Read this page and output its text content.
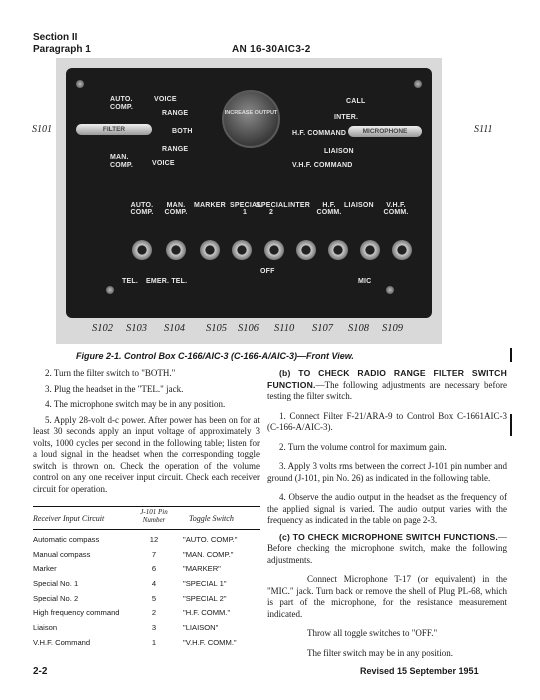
Section II
Paragraph 1	AN 16-30AIC3-2
AUTO.
COMP.
VOICE
RANGE
BOTH
RANGE
MAN.
COMP.	VOICE
FILTER
INCREASE OUTPUT
CALL
INTER.
H.F. COMMAND
LIAISON
V.H.F. COMMAND
MICROPHONE
AUTO. COMP.
MAN. COMP.
MARKER SPECIAL 1
SPECIAL 2
INTER	H.F. COMM.
LIAISON	V.H.F. COMM.
OFF
TEL. EMER. TEL.	MIC
S102 S103 S104 S105 S106 S110 S107 S108 S109
S101	S111
Figure 2-1. Control Box C-166/AIC-3 (C-166-A/AIC-3)—Front View.

2. Turn the filter switch to "BOTH."

3. Plug the headset in the "TEL." jack.

4. The microphone switch may be in any position.

5. Apply 28-volt d-c power. After power has been on for at least 30 seconds apply an input voltage of approximately 3 volts, 1000 cycles per second in the following table; listen for a loud signal in the headset when the corresponding toggle switch is thrown on. Check the operation of the volume control on any one receiver input circuit. Check each receiver circuit for operation.

Receiver Input Circuit
J-101 Pin Number	Toggle Switch
Automatic compass	12	"AUTO. COMP."
Manual compass	7	"MAN. COMP."
Marker	6	"MARKER"
Special No. 1	4	"SPECIAL 1"
Special No. 2	5	"SPECIAL 2"
High frequency command	2	"H.F. COMM."
Liaison	3	"LIAISON"
V.H.F. Command	1	"V.H.F. COMM."

(b) TO CHECK RADIO RANGE FILTER SWITCH FUNCTION.—The following adjustments are necessary before testing the filter switch.

1. Connect Filter F-21/ARA-9 to Control Box C-1661AIC-3 (C-166-A/AIC-3).

2. Turn the volume control for maximum gain.

3. Apply 3 volts rms between the correct J-101 pin number and ground (J-101, pin No. 26) as indicated in the following table.

4. Observe the audio output in the headset as the frequency of the applied signal is varied. The audio output varies with the frequency as indicated in the table on page 2-3.

(c) TO CHECK MICROPHONE SWITCH FUNCTIONS.—Before checking the microphone switch, make the following adjustments.

Connect Microphone T-17 (or equivalent) in the "MIC." jack. Turn back or remove the shell of Plug PL-68, which is part of the microphone, for the resistance measurement indicated.

Throw all toggle switches to "OFF."

The filter switch may be in any position.

2-2	Revised 15 September 1951
